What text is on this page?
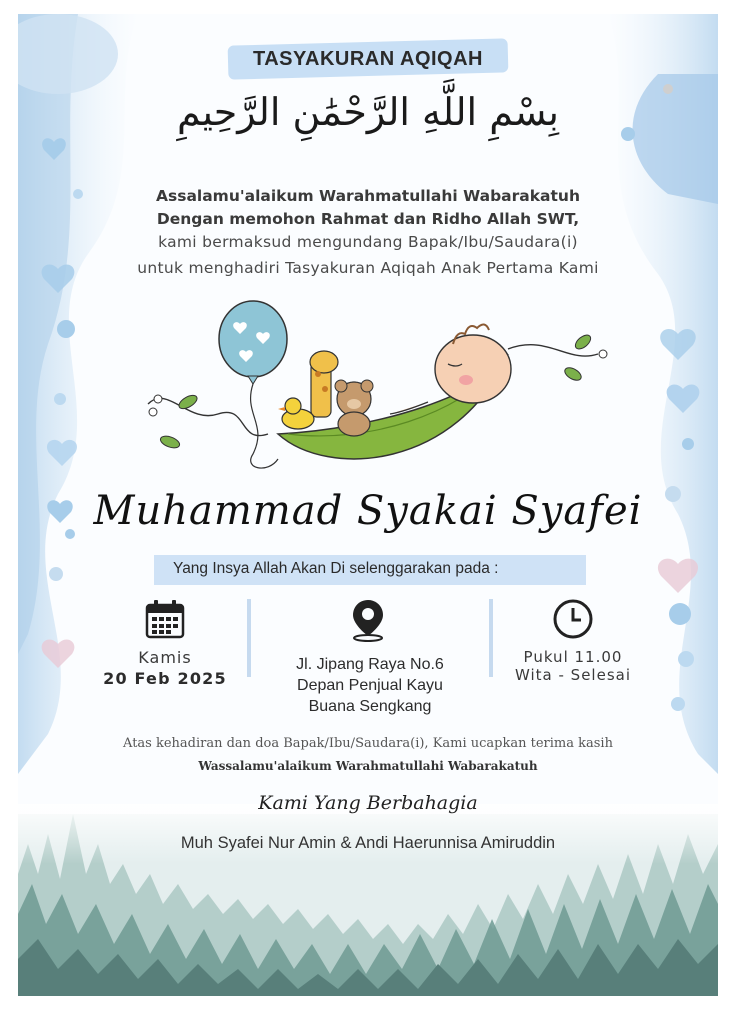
TASYAKURAN AQIQAH
بِسْمِ اللَّهِ الرَّحْمَٰنِ الرَّحِيمِ
Assalamu'alaikum Warahmatullahi Wabarakatuh
Dengan memohon Rahmat dan Ridho Allah SWT,
kami bermaksud mengundang Bapak/Ibu/Saudara(i)
untuk menghadiri Tasyakuran Aqiqah Anak Pertama Kami
Muhammad Syakai Syafei
Yang Insya Allah Akan Di selenggarakan pada :
Kamis
20 Feb 2025
Jl. Jipang Raya No.6
Depan Penjual Kayu
Buana Sengkang
Pukul 11.00
Wita - Selesai
Atas kehadiran dan doa Bapak/Ibu/Saudara(i), Kami ucapkan terima kasih
Wassalamu'alaikum Warahmatullahi Wabarakatuh
Kami Yang Berbahagia
Muh Syafei Nur Amin & Andi Haerunnisa Amiruddin
